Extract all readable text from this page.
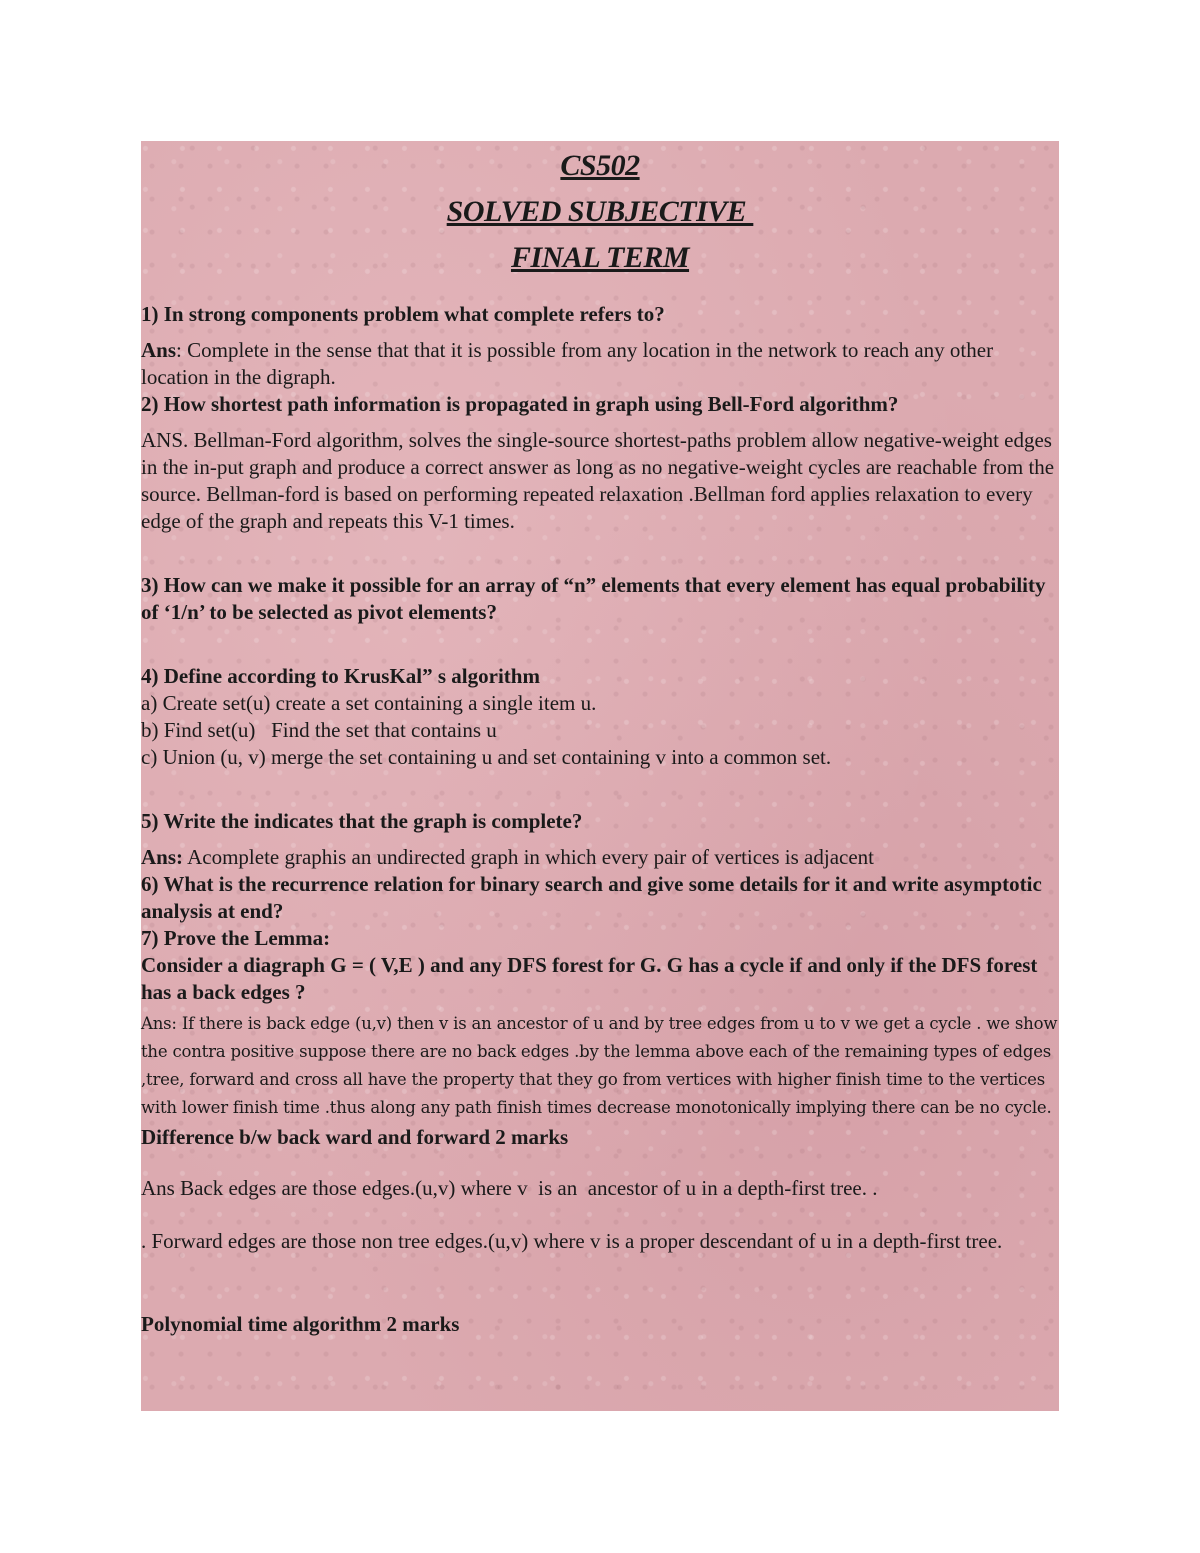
CS502
SOLVED SUBJECTIVE
FINAL TERM

1) In strong components problem what complete refers to?

Ans: Complete in the sense that that it is possible from any location in the network to reach any other location in the digraph.

2) How shortest path information is propagated in graph using Bell-Ford algorithm?

ANS. Bellman-Ford algorithm, solves the single-source shortest-paths problem allow negative-weight edges in the in-put graph and produce a correct answer as long as no negative-weight cycles are reachable from the source. Bellman-ford is based on performing repeated relaxation .Bellman ford applies relaxation to every edge of the graph and repeats this V-1 times.

3) How can we make it possible for an array of “n” elements that every element has equal probability of ‘1/n’ to be selected as pivot elements?

4) Define according to KrusKal” s algorithm

a) Create set(u) create a set containing a single item u.

b) Find set(u)   Find the set that contains u

c) Union (u, v) merge the set containing u and set containing v into a common set.

5) Write the indicates that the graph is complete?

Ans: Acomplete graphis an undirected graph in which every pair of vertices is adjacent

6) What is the recurrence relation for binary search and give some details for it and write asymptotic analysis at end?

7) Prove the Lemma:

Consider a diagraph G = ( V,E ) and any DFS forest for G. G has a cycle if and only if the DFS forest has a back edges ?

Ans: If there is back edge (u,v) then v is an ancestor of u and by tree edges from u to v we get a cycle . we show the contra positive suppose there are no back edges .by the lemma above each of the remaining types of edges ,tree, forward and cross all have the property that they go from vertices with higher finish time to the vertices with lower finish time .thus along any path finish times decrease monotonically implying there can be no cycle.

Difference b/w back ward and forward 2 marks

Ans Back edges are those edges.(u,v) where v  is an  ancestor of u in a depth-first tree. .

. Forward edges are those non tree edges.(u,v) where v is a proper descendant of u in a depth-first tree.

Polynomial time algorithm 2 marks
